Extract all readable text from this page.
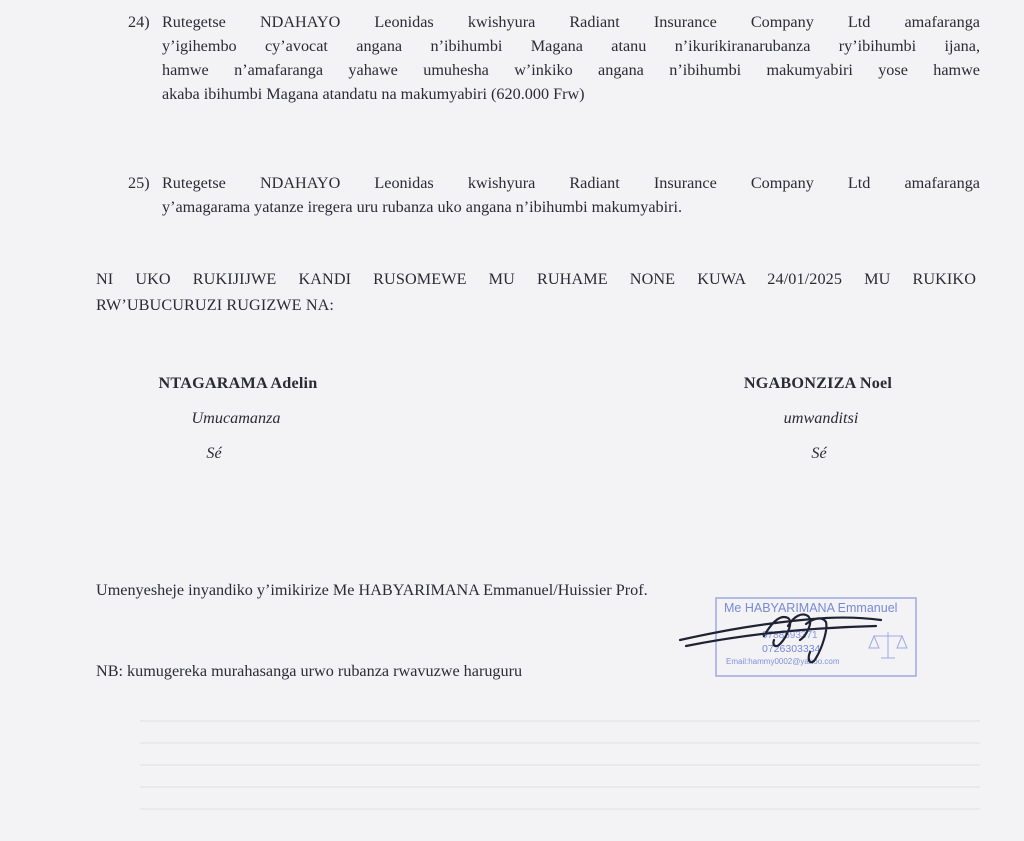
24) Rutegetse NDAHAYO Leonidas kwishyura Radiant Insurance Company Ltd amafaranga

y’igihembo cy’avocat angana n’ibihumbi Magana atanu n’ikurikiranarubanza ry’ibihumbi ijana,

hamwe n’amafaranga yahawe umuhesha w’inkiko angana n’ibihumbi makumyabiri yose hamwe

akaba ibihumbi Magana atandatu na makumyabiri (620.000 Frw)

25) Rutegetse NDAHAYO Leonidas kwishyura Radiant Insurance Company Ltd amafaranga

y’amagarama yatanze iregera uru rubanza uko angana n’ibihumbi makumyabiri.

NI UKO RUKIJIJWE KANDI RUSOMEWE MU RUHAME NONE KUWA 24/01/2025 MU RUKIKO

RW’UBUCURUZI RUGIZWE NA:

NTAGARAMA Adelin
Umucamanza
Sé
NGABONZIZA Noel
umwanditsi
Sé
Umenyesheje inyandiko y’imikirize Me HABYARIMANA Emmanuel/Huissier Prof.
Me HABYARIMANA Emmanuel
0788593371
0726303334
Email:hammy0002@yahoo.com
NB: kumugereka murahasanga urwo rubanza rwavuzwe haruguru
